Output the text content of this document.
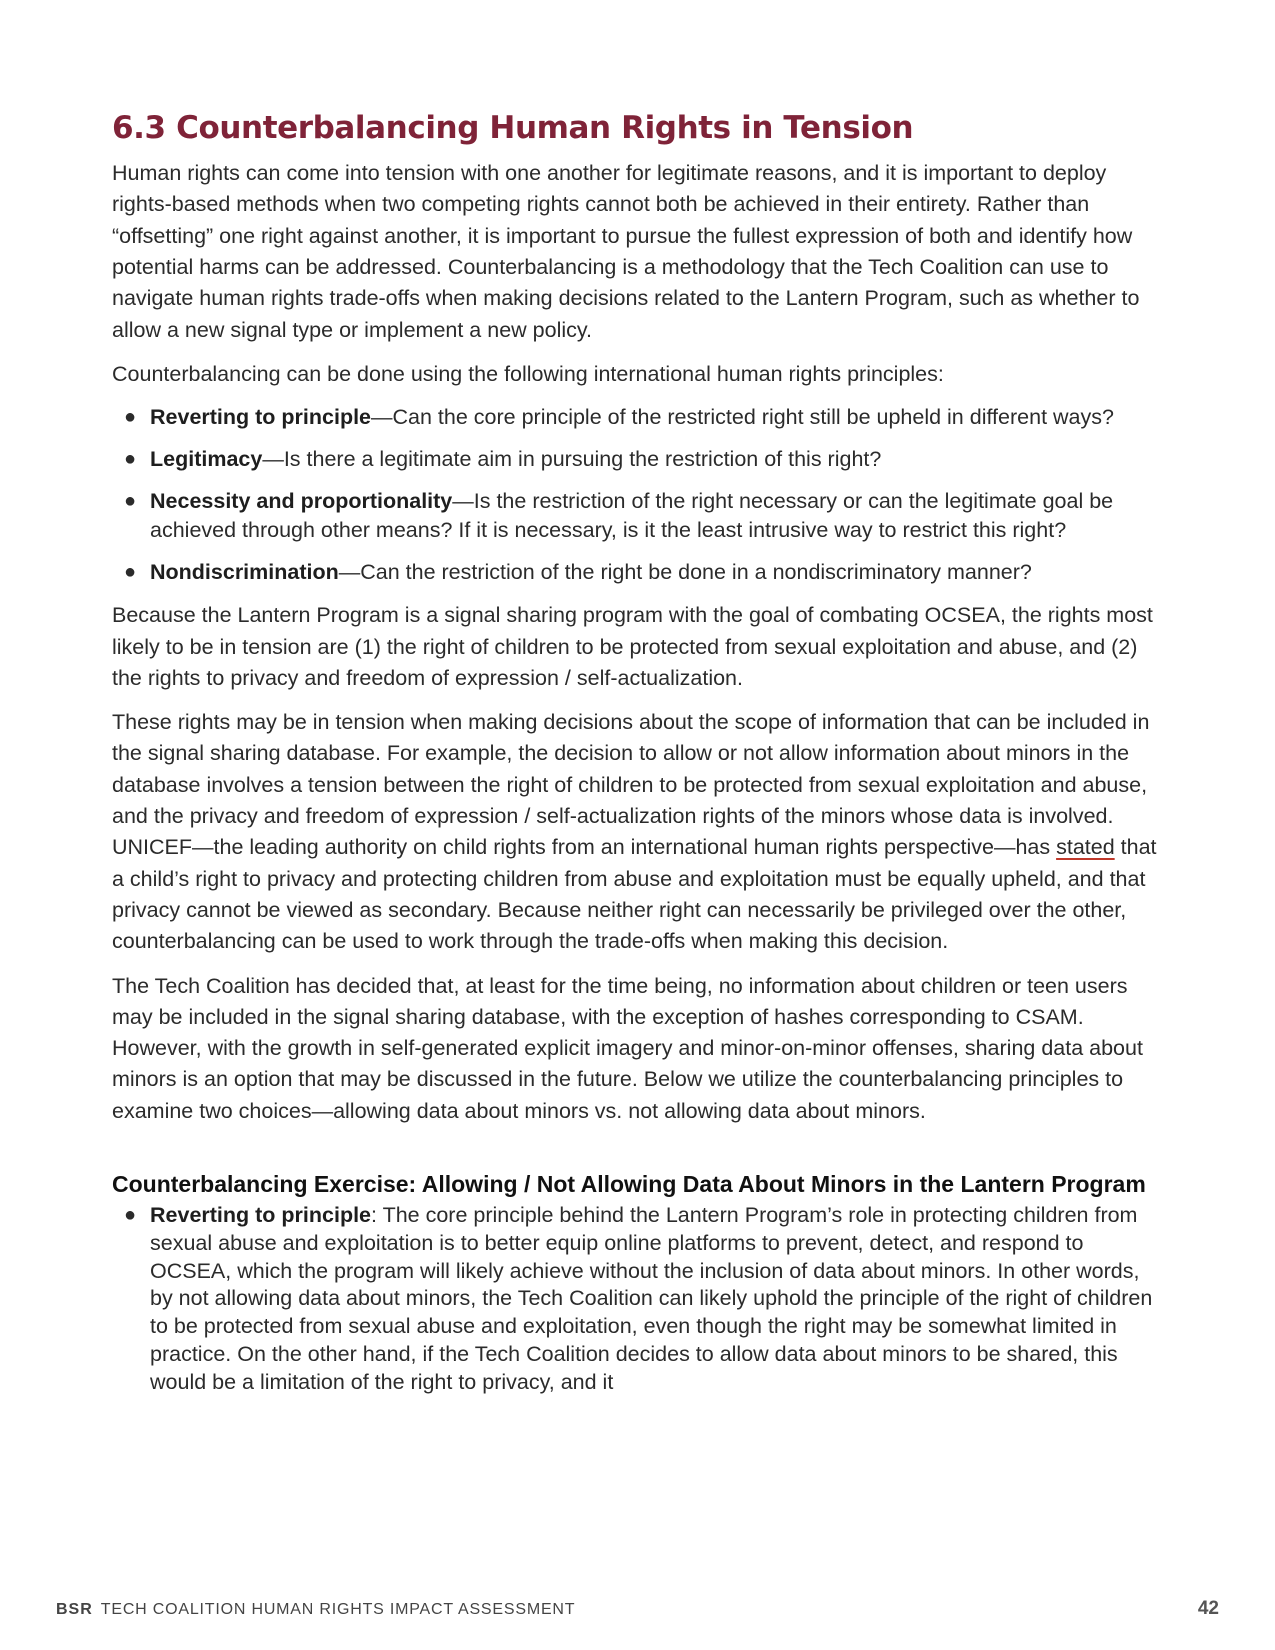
6.3 Counterbalancing Human Rights in Tension

Human rights can come into tension with one another for legitimate reasons, and it is important to deploy rights-based methods when two competing rights cannot both be achieved in their entirety. Rather than “offsetting” one right against another, it is important to pursue the fullest expression of both and identify how potential harms can be addressed. Counterbalancing is a methodology that the Tech Coalition can use to navigate human rights trade-offs when making decisions related to the Lantern Program, such as whether to allow a new signal type or implement a new policy.

Counterbalancing can be done using the following international human rights principles:

● Reverting to principle—Can the core principle of the restricted right still be upheld in different ways?
● Legitimacy—Is there a legitimate aim in pursuing the restriction of this right?
● Necessity and proportionality—Is the restriction of the right necessary or can the legitimate goal be achieved through other means? If it is necessary, is it the least intrusive way to restrict this right?
● Nondiscrimination—Can the restriction of the right be done in a nondiscriminatory manner?

Because the Lantern Program is a signal sharing program with the goal of combating OCSEA, the rights most likely to be in tension are (1) the right of children to be protected from sexual exploitation and abuse, and (2) the rights to privacy and freedom of expression / self-actualization.

These rights may be in tension when making decisions about the scope of information that can be included in the signal sharing database. For example, the decision to allow or not allow information about minors in the database involves a tension between the right of children to be protected from sexual exploitation and abuse, and the privacy and freedom of expression / self-actualization rights of the minors whose data is involved. UNICEF—the leading authority on child rights from an international human rights perspective—has stated that a child’s right to privacy and protecting children from abuse and exploitation must be equally upheld, and that privacy cannot be viewed as secondary. Because neither right can necessarily be privileged over the other, counterbalancing can be used to work through the trade-offs when making this decision.

The Tech Coalition has decided that, at least for the time being, no information about children or teen users may be included in the signal sharing database, with the exception of hashes corresponding to CSAM. However, with the growth in self-generated explicit imagery and minor-on-minor offenses, sharing data about minors is an option that may be discussed in the future. Below we utilize the counterbalancing principles to examine two choices—allowing data about minors vs. not allowing data about minors.

Counterbalancing Exercise: Allowing / Not Allowing Data About Minors in the Lantern Program
● Reverting to principle: The core principle behind the Lantern Program’s role in protecting children from sexual abuse and exploitation is to better equip online platforms to prevent, detect, and respond to OCSEA, which the program will likely achieve without the inclusion of data about minors. In other words, by not allowing data about minors, the Tech Coalition can likely uphold the principle of the right of children to be protected from sexual abuse and exploitation, even though the right may be somewhat limited in practice. On the other hand, if the Tech Coalition decides to allow data about minors to be shared, this would be a limitation of the right to privacy, and it
BSR TECH COALITION HUMAN RIGHTS IMPACT ASSESSMENT	42
